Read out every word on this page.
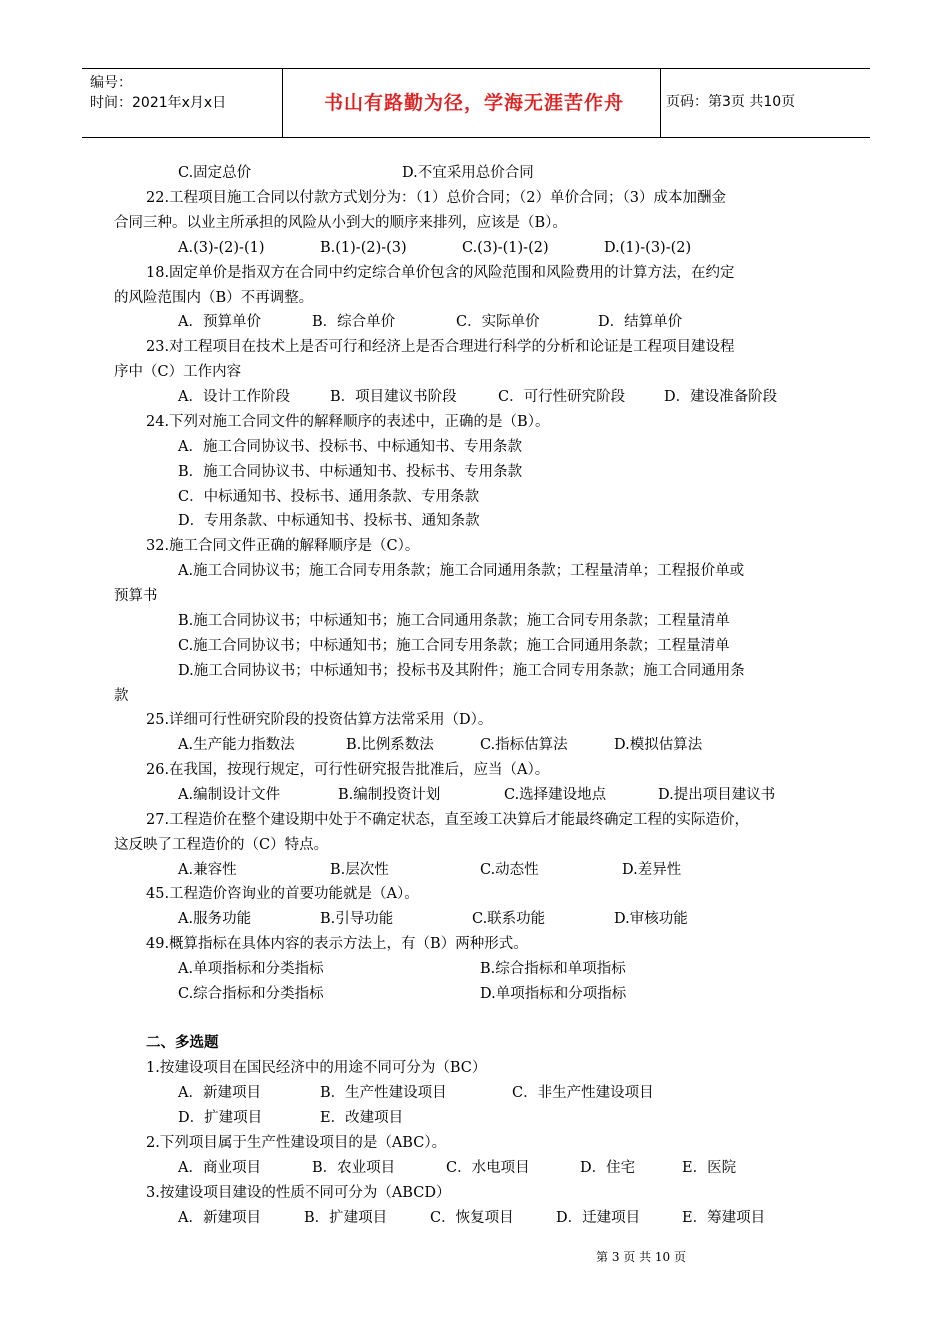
编号：
时间：2021年x月x日	书山有路勤为径，学海无涯苦作舟	页码：第3页 共10页
C.固定总价	D.不宜采用总价合同
22.工程项目施工合同以付款方式划分为：（1）总价合同；（2）单价合同；（3）成本加酬金
合同三种。以业主所承担的风险从小到大的顺序来排列，应该是（B）。
A.(3)-(2)-(1)	B.(1)-(2)-(3)	C.(3)-(1)-(2)	D.(1)-(3)-(2)
18.固定单价是指双方在合同中约定综合单价包含的风险范围和风险费用的计算方法，在约定
的风险范围内（B）不再调整。
A．预算单价	B．综合单价	C．实际单价	D．结算单价
23.对工程项目在技术上是否可行和经济上是否合理进行科学的分析和论证是工程项目建设程
序中（C）工作内容
A．设计工作阶段	B．项目建议书阶段	C．可行性研究阶段	D．建设准备阶段
24.下列对施工合同文件的解释顺序的表述中，正确的是（B）。
A．施工合同协议书、投标书、中标通知书、专用条款
B．施工合同协议书、中标通知书、投标书、专用条款
C．中标通知书、投标书、通用条款、专用条款
D．专用条款、中标通知书、投标书、通知条款
32.施工合同文件正确的解释顺序是（C）。
A.施工合同协议书；施工合同专用条款；施工合同通用条款；工程量清单；工程报价单或
预算书
B.施工合同协议书；中标通知书；施工合同通用条款；施工合同专用条款；工程量清单
C.施工合同协议书；中标通知书；施工合同专用条款；施工合同通用条款；工程量清单
D.施工合同协议书；中标通知书；投标书及其附件；施工合同专用条款；施工合同通用条
款
25.详细可行性研究阶段的投资估算方法常采用（D）。
A.生产能力指数法	B.比例系数法	C.指标估算法	D.模拟估算法
26.在我国，按现行规定，可行性研究报告批准后，应当（A）。
A.编制设计文件	B.编制投资计划	C.选择建设地点	D.提出项目建议书
27.工程造价在整个建设期中处于不确定状态，直至竣工决算后才能最终确定工程的实际造价，
这反映了工程造价的（C）特点。
A.兼容性	B.层次性	C.动态性	D.差异性
45.工程造价咨询业的首要功能就是（A）。
A.服务功能	B.引导功能	C.联系功能	D.审核功能
49.概算指标在具体内容的表示方法上，有（B）两种形式。
A.单项指标和分类指标	B.综合指标和单项指标
C.综合指标和分类指标	D.单项指标和分项指标
二、多选题
1.按建设项目在国民经济中的用途不同可分为（BC）
A．新建项目	B．生产性建设项目	C．非生产性建设项目
D．扩建项目	E．改建项目
2.下列项目属于生产性建设项目的是（ABC）。
A．商业项目	B．农业项目	C．水电项目	D．住宅	E．医院
3.按建设项目建设的性质不同可分为（ABCD）
A．新建项目	B．扩建项目	C．恢复项目	D．迁建项目	E．筹建项目
第 3 页 共 10 页
